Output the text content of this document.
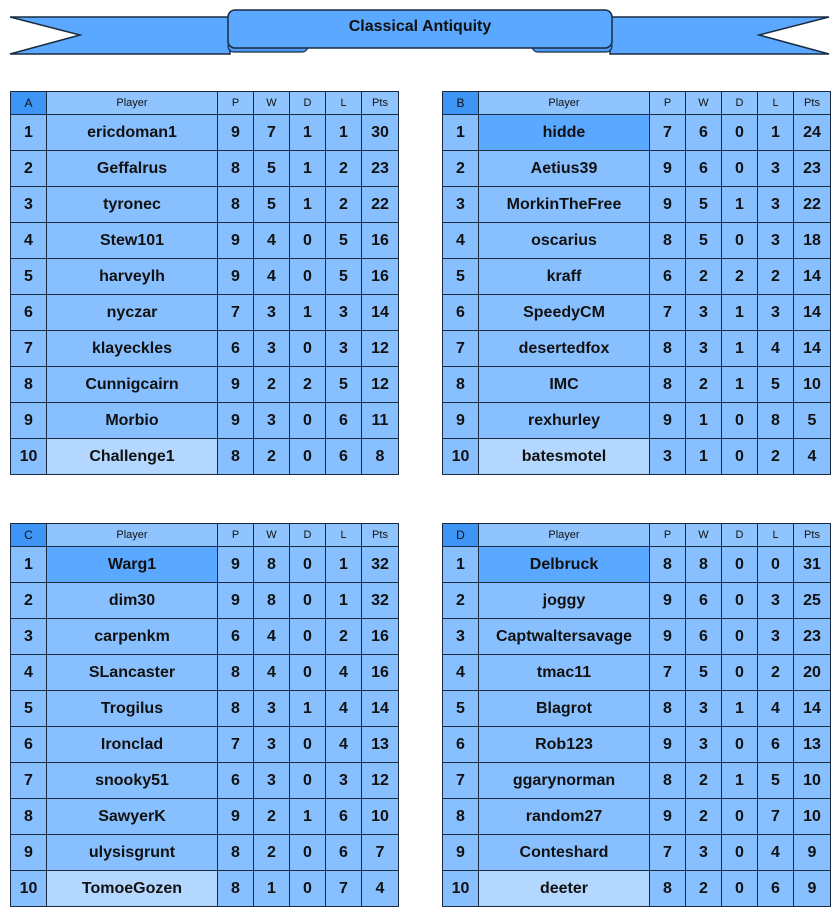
Classical Antiquity
A	Player	P	W	D	L	Pts
1	ericdoman1	9	7	1	1	30
2	Geffalrus	8	5	1	2	23
3	tyronec	8	5	1	2	22
4	Stew101	9	4	0	5	16
5	harveylh	9	4	0	5	16
6	nyczar	7	3	1	3	14
7	klayeckles	6	3	0	3	12
8	Cunnigcairn	9	2	2	5	12
9	Morbio	9	3	0	6	11
10	Challenge1	8	2	0	6	8
B	Player	P	W	D	L	Pts
1	hidde	7	6	0	1	24
2	Aetius39	9	6	0	3	23
3	MorkinTheFree	9	5	1	3	22
4	oscarius	8	5	0	3	18
5	kraff	6	2	2	2	14
6	SpeedyCM	7	3	1	3	14
7	desertedfox	8	3	1	4	14
8	IMC	8	2	1	5	10
9	rexhurley	9	1	0	8	5
10	batesmotel	3	1	0	2	4
C	Player	P	W	D	L	Pts
1	Warg1	9	8	0	1	32
2	dim30	9	8	0	1	32
3	carpenkm	6	4	0	2	16
4	SLancaster	8	4	0	4	16
5	Trogilus	8	3	1	4	14
6	Ironclad	7	3	0	4	13
7	snooky51	6	3	0	3	12
8	SawyerK	9	2	1	6	10
9	ulysisgrunt	8	2	0	6	7
10	TomoeGozen	8	1	0	7	4
D	Player	P	W	D	L	Pts
1	Delbruck	8	8	0	0	31
2	joggy	9	6	0	3	25
3	Captwaltersavage	9	6	0	3	23
4	tmac11	7	5	0	2	20
5	Blagrot	8	3	1	4	14
6	Rob123	9	3	0	6	13
7	ggarynorman	8	2	1	5	10
8	random27	9	2	0	7	10
9	Conteshard	7	3	0	4	9
10	deeter	8	2	0	6	9
